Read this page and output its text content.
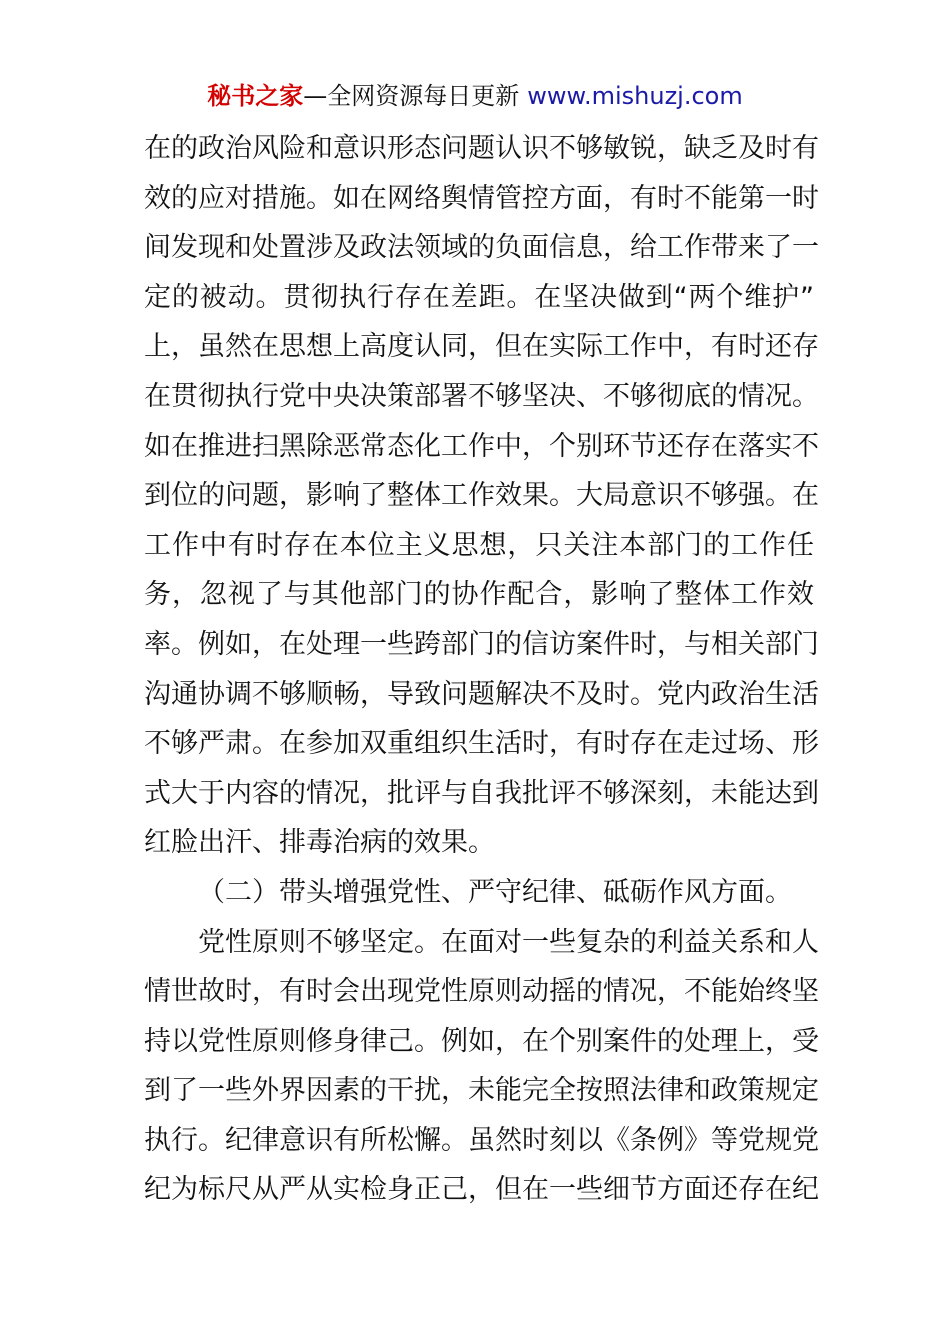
秘书之家—全网资源每日更新 www.mishuzj.com
在的政治风险和意识形态问题认识不够敏锐，缺乏及时有
效的应对措施。如在网络舆情管控方面，有时不能第一时
间发现和处置涉及政法领域的负面信息，给工作带来了一
定的被动。贯彻执行存在差距。在坚决做到“两个维护”
上，虽然在思想上高度认同，但在实际工作中，有时还存
在贯彻执行党中央决策部署不够坚决、不够彻底的情况。
如在推进扫黑除恶常态化工作中，个别环节还存在落实不
到位的问题，影响了整体工作效果。大局意识不够强。在
工作中有时存在本位主义思想，只关注本部门的工作任
务，忽视了与其他部门的协作配合，影响了整体工作效
率。例如，在处理一些跨部门的信访案件时，与相关部门
沟通协调不够顺畅，导致问题解决不及时。党内政治生活
不够严肃。在参加双重组织生活时，有时存在走过场、形
式大于内容的情况，批评与自我批评不够深刻，未能达到
红脸出汗、排毒治病的效果。
（二）带头增强党性、严守纪律、砥砺作风方面。
党性原则不够坚定。在面对一些复杂的利益关系和人
情世故时，有时会出现党性原则动摇的情况，不能始终坚
持以党性原则修身律己。例如，在个别案件的处理上，受
到了一些外界因素的干扰，未能完全按照法律和政策规定
执行。纪律意识有所松懈。虽然时刻以《条例》等党规党
纪为标尺从严从实检身正己，但在一些细节方面还存在纪
